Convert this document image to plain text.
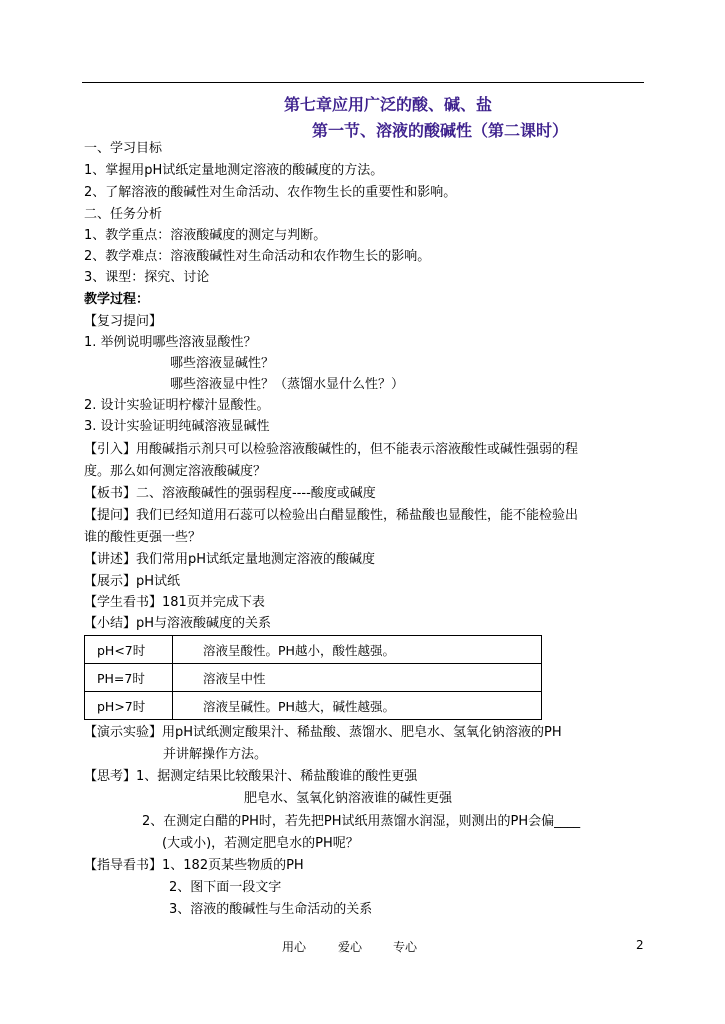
第七章应用广泛的酸、碱、盐
第一节、溶液的酸碱性（第二课时）
一、学习目标
1、掌握用pH试纸定量地测定溶液的酸碱度的方法。
2、了解溶液的酸碱性对生命活动、农作物生长的重要性和影响。
二、任务分析
1、教学重点：溶液酸碱度的测定与判断。
2、教学难点：溶液酸碱性对生命活动和农作物生长的影响。
3、课型：探究、讨论
教学过程：
【复习提问】
1. 举例说明哪些溶液显酸性？
哪些溶液显碱性？
哪些溶液显中性？（蒸馏水显什么性？）
2. 设计实验证明柠檬汁显酸性。
3. 设计实验证明纯碱溶液显碱性
【引入】用酸碱指示剂只可以检验溶液酸碱性的，但不能表示溶液酸性或碱性强弱的程
度。那么如何测定溶液酸碱度？
【板书】二、溶液酸碱性的强弱程度----酸度或碱度
【提问】我们已经知道用石蕊可以检验出白醋显酸性，稀盐酸也显酸性，能不能检验出
谁的酸性更强一些？
【讲述】我们常用pH试纸定量地测定溶液的酸碱度
【展示】pH试纸
【学生看书】181页并完成下表
【小结】pH与溶液酸碱度的关系
pH<7时	溶液呈酸性。PH越小，酸性越强。
PH=7时	溶液呈中性
pH>7时	溶液呈碱性。PH越大，碱性越强。
【演示实验】用pH试纸测定酸果汁、稀盐酸、蒸馏水、肥皂水、氢氧化钠溶液的PH
并讲解操作方法。
【思考】1、据测定结果比较酸果汁、稀盐酸谁的酸性更强
肥皂水、氢氧化钠溶液谁的碱性更强
2、在测定白醋的PH时，若先把PH试纸用蒸馏水润湿，则测出的PH会偏____
(大或小)，若测定肥皂水的PH呢？
【指导看书】1、182页某些物质的PH
2、图下面一段文字
3、溶液的酸碱性与生命活动的关系
用心	爱心	专心	2
